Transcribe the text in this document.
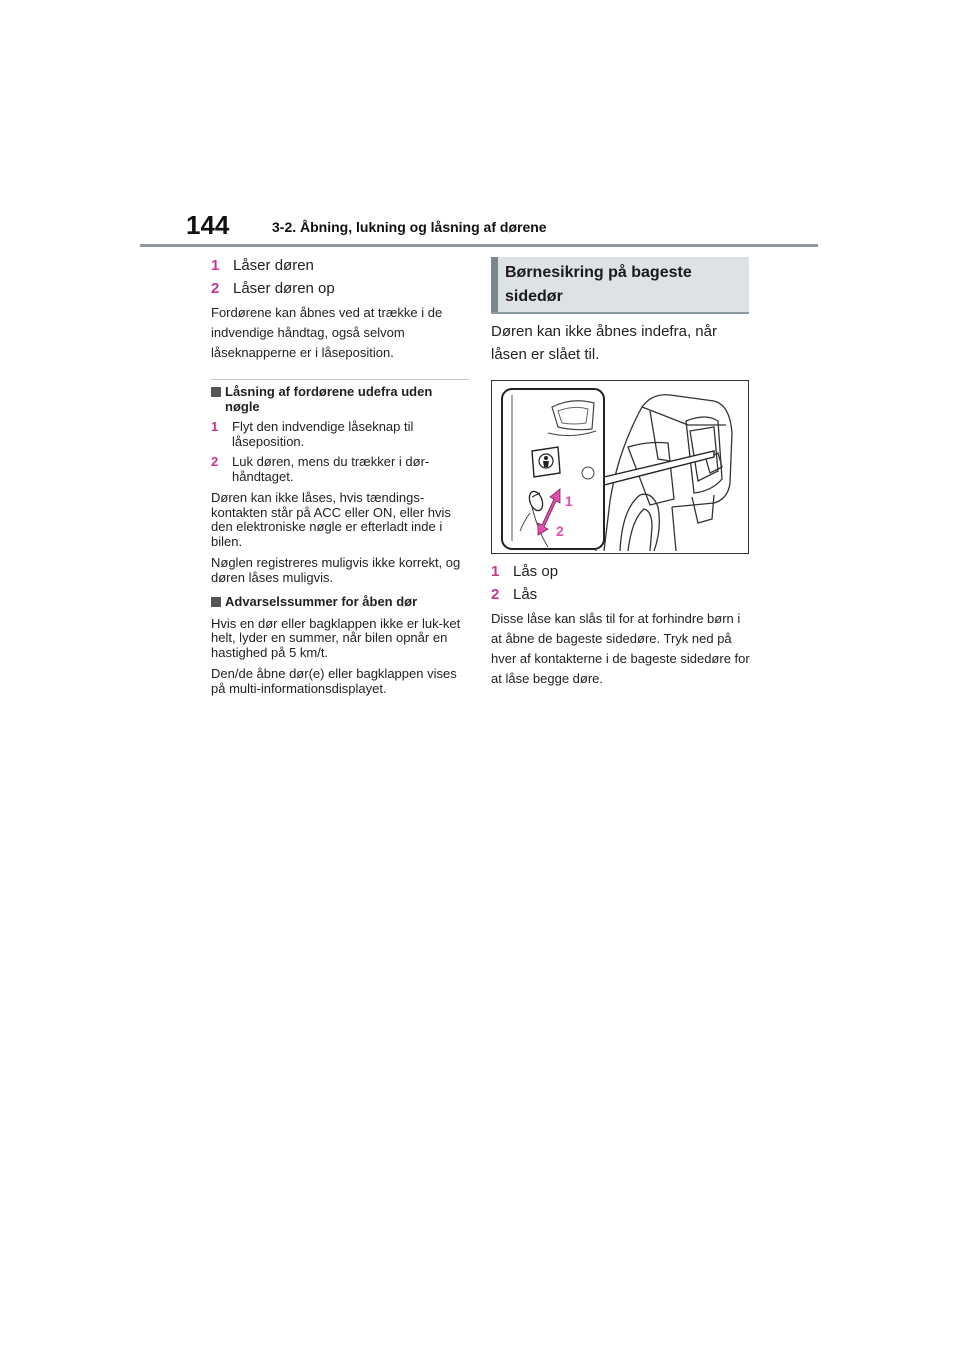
144	3-2. Åbning, lukning og låsning af dørene
1 Låser døren
2 Låser døren op

Fordørene kan åbnes ved at trække i de indvendige håndtag, også selvom låseknapperne er i låseposition.

Låsning af fordørene udefra uden nøgle
1	Flyt den indvendige låseknap til låseposition.
2	Luk døren, mens du trækker i dør-håndtaget.

Døren kan ikke låses, hvis tændings-kontakten står på ACC eller ON, eller hvis den elektroniske nøgle er efterladt inde i bilen.

Nøglen registreres muligvis ikke korrekt, og døren låses muligvis.

Advarselssummer for åben dør

Hvis en dør eller bagklappen ikke er luk-ket helt, lyder en summer, når bilen opnår en hastighed på 5 km/t.

Den/de åbne dør(e) eller bagklappen vises på multi-informationsdisplayet.

Børnesikring på bageste sidedør
Døren kan ikke åbnes indefra, når låsen er slået til.
1
2
1 Lås op
2 Lås

Disse låse kan slås til for at forhindre børn i at åbne de bageste sidedøre. Tryk ned på hver af kontakterne i de bageste sidedøre for at låse begge døre.
